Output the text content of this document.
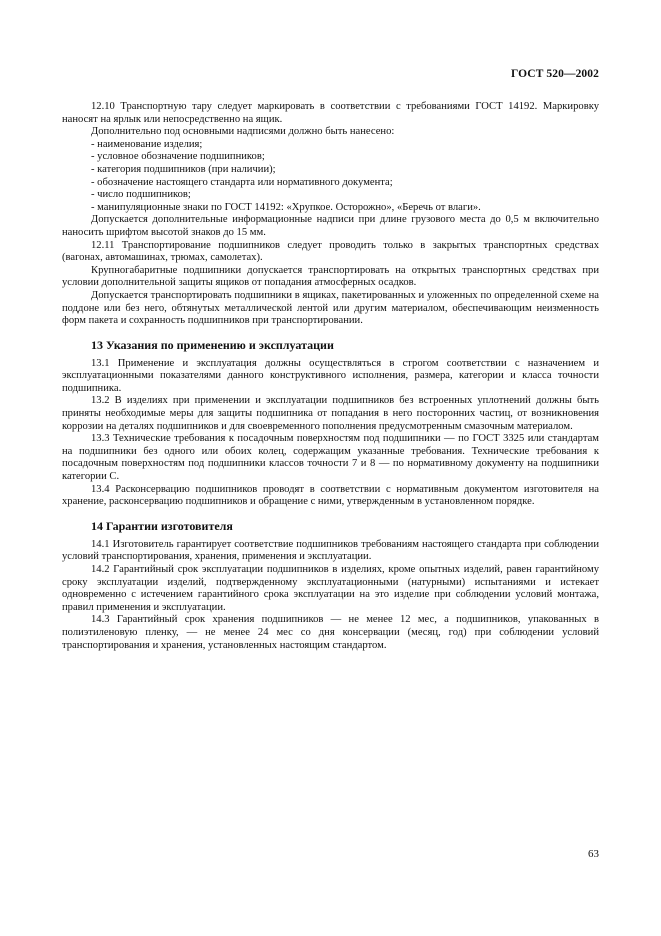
ГОСТ 520—2002

12.10 Транспортную тару следует маркировать в соответствии с требованиями ГОСТ 14192. Маркировку наносят на ярлык или непосредственно на ящик.

Дополнительно под основными надписями должно быть нанесено:

- наименование изделия;
- условное обозначение подшипников;
- категория подшипников (при наличии);
- обозначение настоящего стандарта или нормативного документа;
- число подшипников;
- манипуляционные знаки по ГОСТ 14192: «Хрупкое. Осторожно», «Беречь от влаги».

Допускается дополнительные информационные надписи при длине грузового места до 0,5 м включительно наносить шрифтом высотой знаков до 15 мм.

12.11 Транспортирование подшипников следует проводить только в закрытых транспортных средствах (вагонах, автомашинах, трюмах, самолетах).

Крупногабаритные подшипники допускается транспортировать на открытых транспортных средствах при условии дополнительной защиты ящиков от попадания атмосферных осадков.

Допускается транспортировать подшипники в ящиках, пакетированных и уложенных по определенной схеме на поддоне или без него, обтянутых металлической лентой или другим материалом, обеспечивающим неизменность форм пакета и сохранность подшипников при транспортировании.

13 Указания по применению и эксплуатации

13.1 Применение и эксплуатация должны осуществляться в строгом соответствии с назначением и эксплуатационными показателями данного конструктивного исполнения, размера, категории и класса точности подшипника.

13.2 В изделиях при применении и эксплуатации подшипников без встроенных уплотнений должны быть приняты необходимые меры для защиты подшипника от попадания в него посторонних частиц, от возникновения коррозии на деталях подшипников и для своевременного пополнения предусмотренным смазочным материалом.

13.3 Технические требования к посадочным поверхностям под подшипники — по ГОСТ 3325 или стандартам на подшипники без одного или обоих колец, содержащим указанные требования. Технические требования к посадочным поверхностям под подшипники классов точности 7 и 8 — по нормативному документу на подшипники категории С.

13.4 Расконсервацию подшипников проводят в соответствии с нормативным документом изготовителя на хранение, расконсервацию подшипников и обращение с ними, утвержденным в установленном порядке.

14 Гарантии изготовителя

14.1 Изготовитель гарантирует соответствие подшипников требованиям настоящего стандарта при соблюдении условий транспортирования, хранения, применения и эксплуатации.

14.2 Гарантийный срок эксплуатации подшипников в изделиях, кроме опытных изделий, равен гарантийному сроку эксплуатации изделий, подтвержденному эксплуатационными (натурными) испытаниями и истекает одновременно с истечением гарантийного срока эксплуатации на это изделие при соблюдении условий монтажа, правил применения и эксплуатации.

14.3 Гарантийный срок хранения подшипников — не менее 12 мес, а подшипников, упакованных в полиэтиленовую пленку, — не менее 24 мес со дня консервации (месяц, год) при соблюдении условий транспортирования и хранения, установленных настоящим стандартом.

63
